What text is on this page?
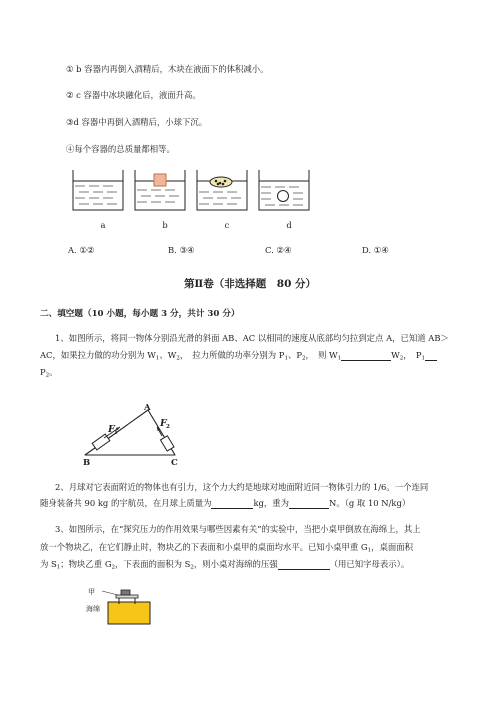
① b 容器内再倒入酒精后，木块在液面下的体积减小。
② c 容器中冰块融化后，液面升高。
③d 容器中再倒入酒精后，小球下沉。
④每个容器的总质量都相等。
a	b	c	d
A. ①②	B. ③④	C. ②④	D. ①④
第Ⅱ卷（非选择题　80 分）
二、填空题（10 小题，每小题 3 分，共计 30 分）
1、如图所示，将同一物体分别沿光滑的斜面 AB、AC 以相同的速度从底部均匀拉到定点 A，已知道 AB＞
AC，如果拉力做的功分别为 $W_1$、$W_2$，　拉力所做的功率分别为 $P_1$、$P_2$，　则 $W_1$	$W_2$，　$P_1$
$P_2$。
F 1
F 2
A
B	C
2、月球对它表面附近的物体也有引力，这个力大约是地球对地面附近同一物体引力的 1/6。一个连同
随身装备共 90 kg 的宇航员，在月球上质量为	kg，重为	N。（g 取 10 N/kg）
3、如图所示，在“探究压力的作用效果与哪些因素有关”的实验中，当把小桌甲倒放在海绵上，其上
放一个物块乙，在它们静止时，物块乙的下表面和小桌甲的桌面均水平。已知小桌甲重 $G_1$，桌面面积
为 $S_1$；物块乙重 $G_2$，下表面的面积为 $S_2$，则小桌对海绵的压强	（用已知字母表示）。
甲
海绵
